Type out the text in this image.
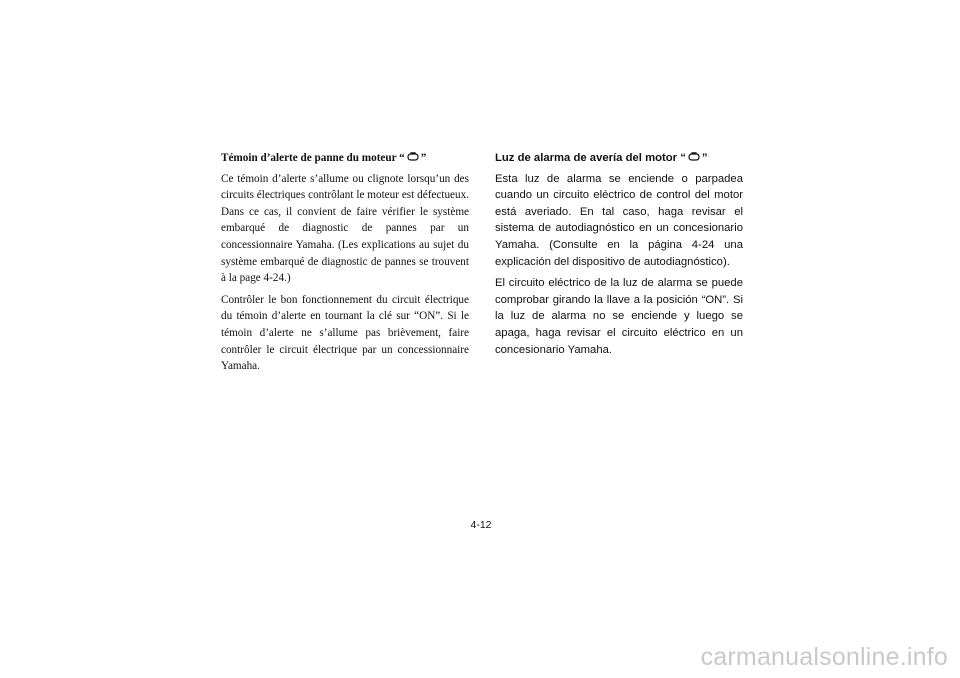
Témoin d’alerte de panne du moteur “ ”

Ce témoin d’alerte s’allume ou clignote lorsqu’un des circuits électriques contrôlant le moteur est défectueux. Dans ce cas, il convient de faire vérifier le système embarqué de diagnostic de pannes par un concessionnaire Yamaha. (Les explications au sujet du système embarqué de diagnostic de pannes se trouvent à la page 4-24.)

Contrôler le bon fonctionnement du circuit électrique du témoin d’alerte en tournant la clé sur “ON”. Si le témoin d’alerte ne s’allume pas brièvement, faire contrôler le circuit électrique par un concessionnaire Yamaha.

Luz de alarma de avería del motor “ ”

Esta luz de alarma se enciende o parpadea cuando un circuito eléctrico de control del motor está averiado. En tal caso, haga revisar el sistema de autodiagnóstico en un concesionario Yamaha. (Consulte en la página 4-24 una explicación del dispositivo de autodiagnóstico).

El circuito eléctrico de la luz de alarma se puede comprobar girando la llave a la posición “ON”. Si la luz de alarma no se enciende y luego se apaga, haga revisar el circuito eléctrico en un concesionario Yamaha.

4-12
carmanualsonline.info
